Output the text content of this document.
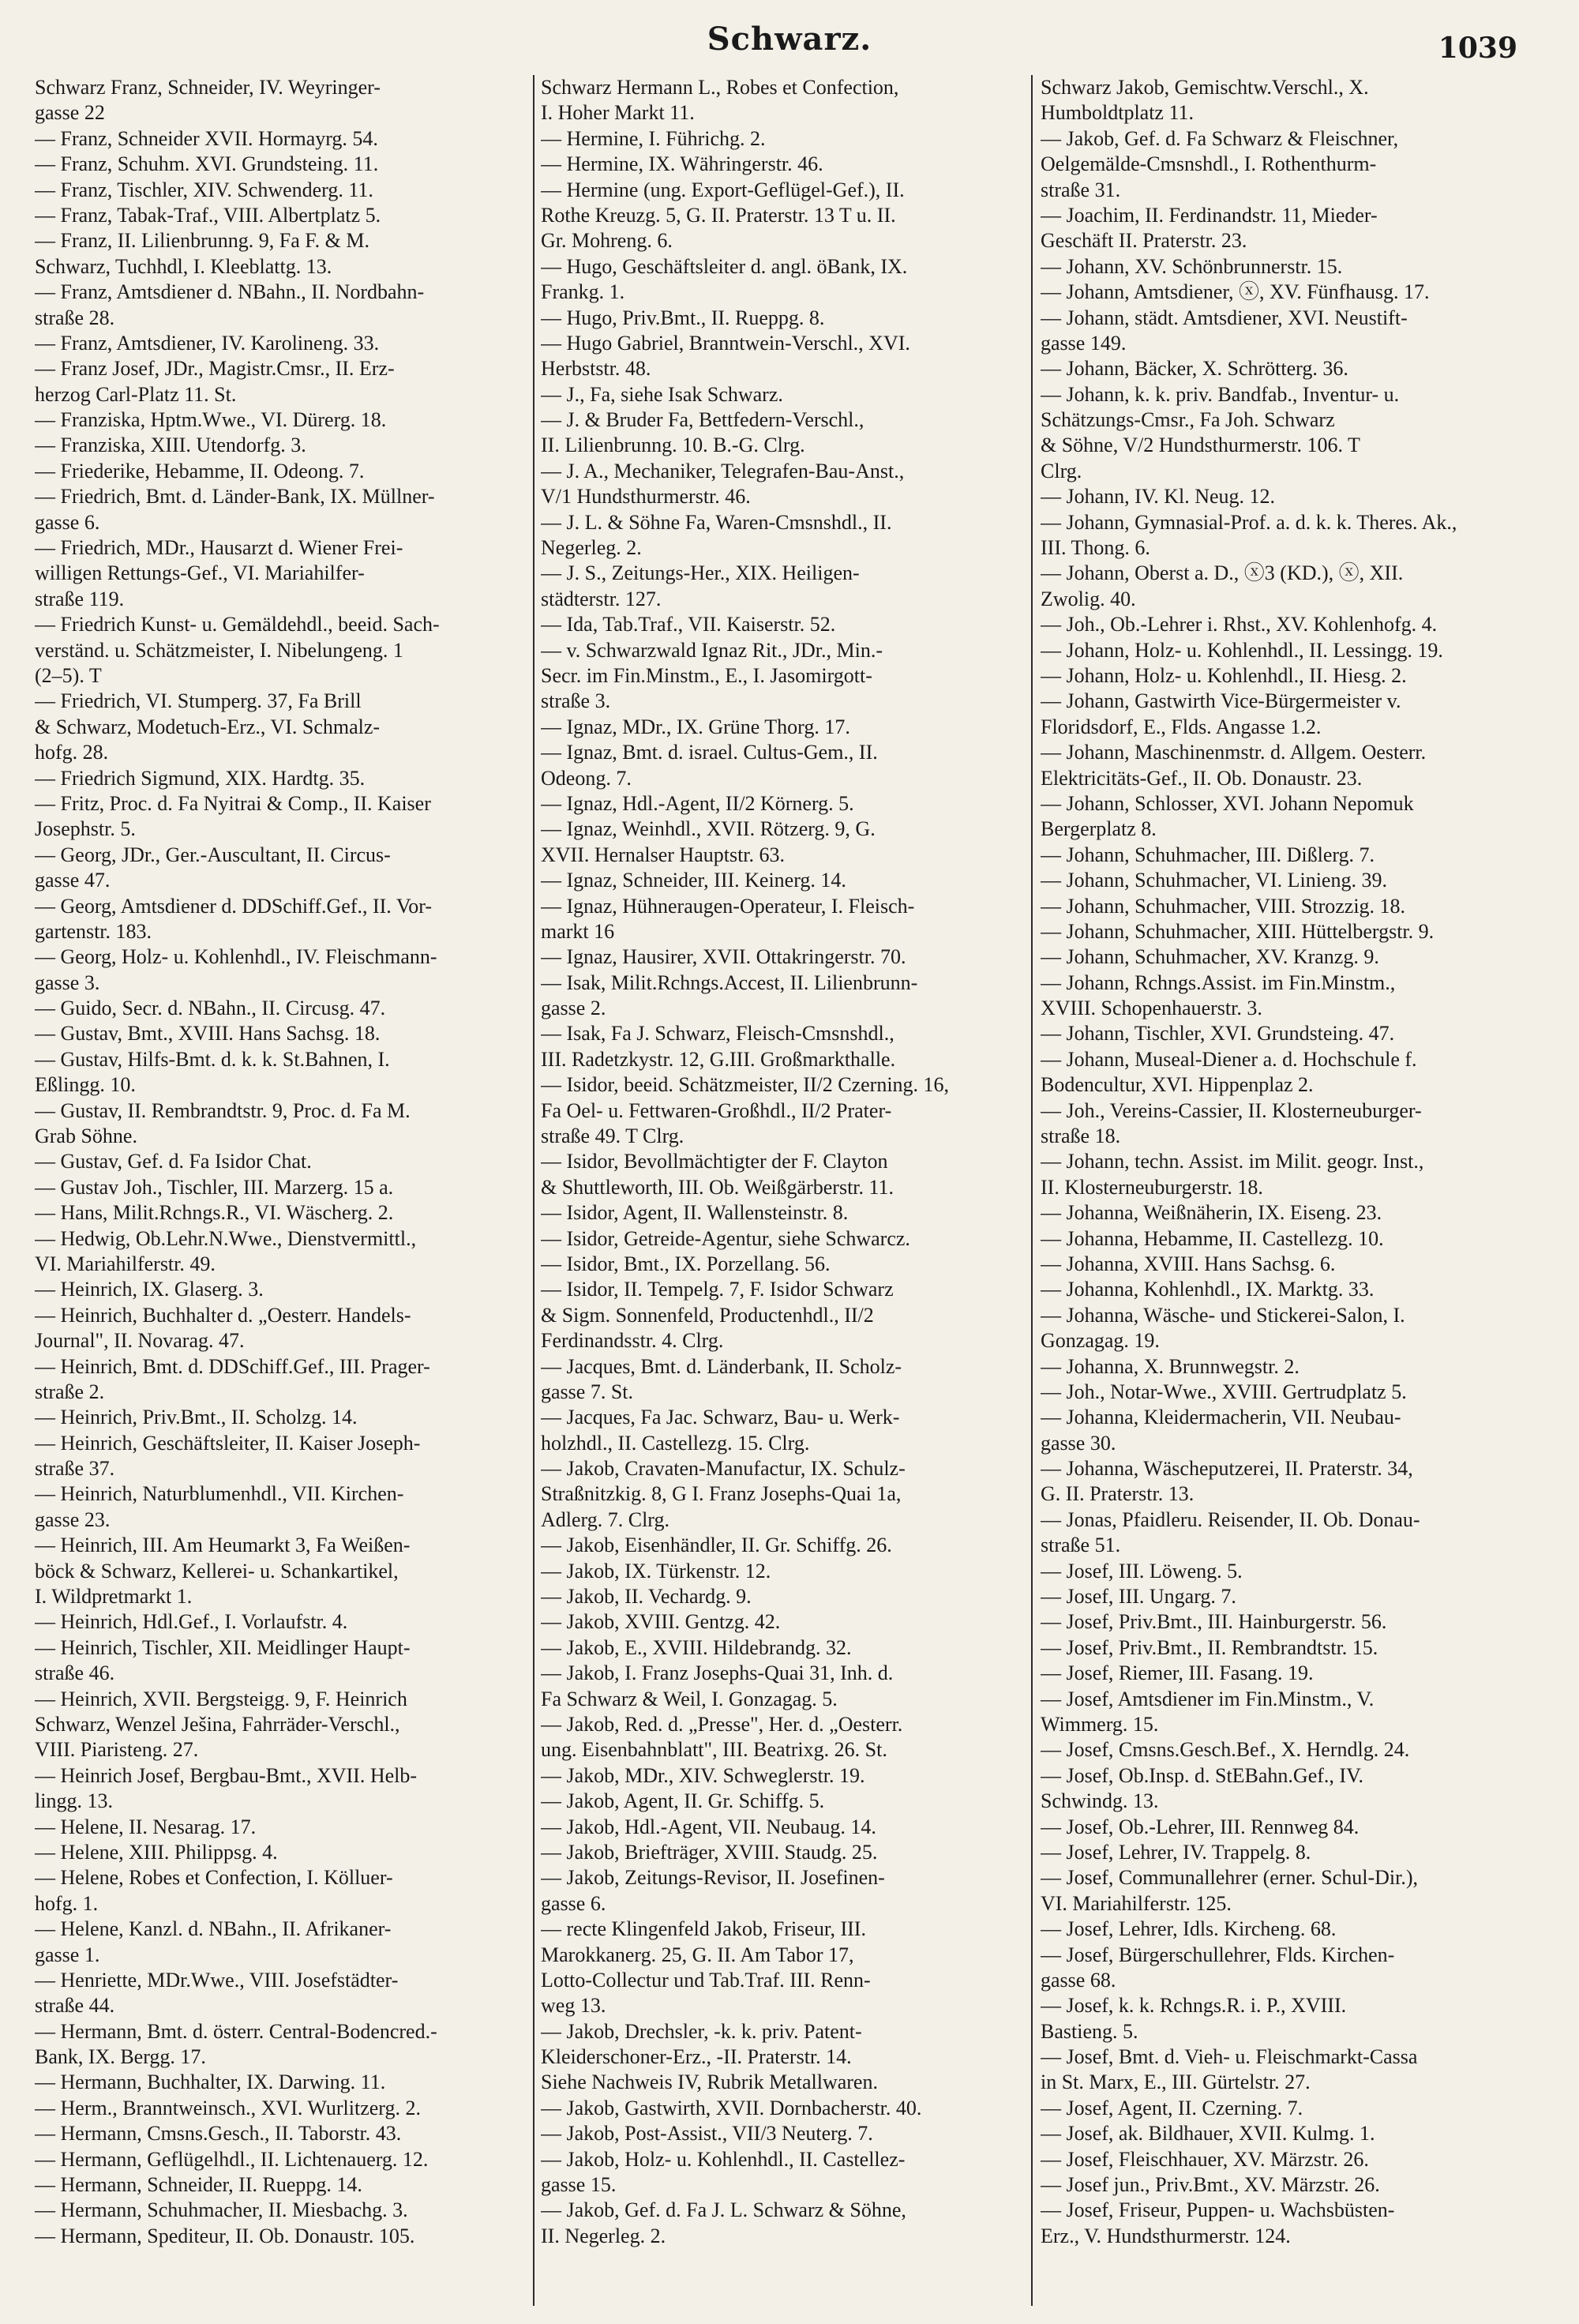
Schwarz.	1039
Schwarz Franz, Schneider, IV. Weyringer-
gasse 22
— Franz, Schneider XVII. Hormayrg. 54.
— Franz, Schuhm. XVI. Grundsteing. 11.
— Franz, Tischler, XIV. Schwenderg. 11.
— Franz, Tabak-Traf., VIII. Albertplatz 5.
— Franz, II. Lilienbrunng. 9, Fa F. & M.
Schwarz, Tuchhdl, I. Kleeblattg. 13.
— Franz, Amtsdiener d. NBahn., II. Nordbahn-
straße 28.
— Franz, Amtsdiener, IV. Karolineng. 33.
— Franz Josef, JDr., Magistr.Cmsr., II. Erz-
herzog Carl-Platz 11. St.
— Franziska, Hptm.Wwe., VI. Dürerg. 18.
— Franziska, XIII. Utendorfg. 3.
— Friederike, Hebamme, II. Odeong. 7.
— Friedrich, Bmt. d. Länder-Bank, IX. Müllner-
gasse 6.
— Friedrich, MDr., Hausarzt d. Wiener Frei-
willigen Rettungs-Gef., VI. Mariahilfer-
straße 119.
— Friedrich Kunst- u. Gemäldehdl., beeid. Sach-
verständ. u. Schätzmeister, I. Nibelungeng. 1
(2–5). T
— Friedrich, VI. Stumperg. 37, Fa Brill
& Schwarz, Modetuch-Erz., VI. Schmalz-
hofg. 28.
— Friedrich Sigmund, XIX. Hardtg. 35.
— Fritz, Proc. d. Fa Nyitrai & Comp., II. Kaiser
Josephstr. 5.
— Georg, JDr., Ger.-Auscultant, II. Circus-
gasse 47.
— Georg, Amtsdiener d. DDSchiff.Gef., II. Vor-
gartenstr. 183.
— Georg, Holz- u. Kohlenhdl., IV. Fleischmann-
gasse 3.
— Guido, Secr. d. NBahn., II. Circusg. 47.
— Gustav, Bmt., XVIII. Hans Sachsg. 18.
— Gustav, Hilfs-Bmt. d. k. k. St.Bahnen, I.
Eßlingg. 10.
— Gustav, II. Rembrandtstr. 9, Proc. d. Fa M.
Grab Söhne.
— Gustav, Gef. d. Fa Isidor Chat.
— Gustav Joh., Tischler, III. Marzerg. 15 a.
— Hans, Milit.Rchngs.R., VI. Wäscherg. 2.
— Hedwig, Ob.Lehr.N.Wwe., Dienstvermittl.,
VI. Mariahilferstr. 49.
— Heinrich, IX. Glaserg. 3.
— Heinrich, Buchhalter d. „Oesterr. Handels-
Journal", II. Novarag. 47.
— Heinrich, Bmt. d. DDSchiff.Gef., III. Prager-
straße 2.
— Heinrich, Priv.Bmt., II. Scholzg. 14.
— Heinrich, Geschäftsleiter, II. Kaiser Joseph-
straße 37.
— Heinrich, Naturblumenhdl., VII. Kirchen-
gasse 23.
— Heinrich, III. Am Heumarkt 3, Fa Weißen-
böck & Schwarz, Kellerei- u. Schankartikel,
I. Wildpretmarkt 1.
— Heinrich, Hdl.Gef., I. Vorlaufstr. 4.
— Heinrich, Tischler, XII. Meidlinger Haupt-
straße 46.
— Heinrich, XVII. Bergsteigg. 9, F. Heinrich
Schwarz, Wenzel Ješina, Fahrräder-Verschl.,
VIII. Piaristeng. 27.
— Heinrich Josef, Bergbau-Bmt., XVII. Helb-
lingg. 13.
— Helene, II. Nesarag. 17.
— Helene, XIII. Philippsg. 4.
— Helene, Robes et Confection, I. Kölluer-
hofg. 1.
— Helene, Kanzl. d. NBahn., II. Afrikaner-
gasse 1.
— Henriette, MDr.Wwe., VIII. Josefstädter-
straße 44.
— Hermann, Bmt. d. österr. Central-Bodencred.-
Bank, IX. Bergg. 17.
— Hermann, Buchhalter, IX. Darwing. 11.
— Herm., Branntweinsch., XVI. Wurlitzerg. 2.
— Hermann, Cmsns.Gesch., II. Taborstr. 43.
— Hermann, Geflügelhdl., II. Lichtenauerg. 12.
— Hermann, Schneider, II. Rueppg. 14.
— Hermann, Schuhmacher, II. Miesbachg. 3.
— Hermann, Spediteur, II. Ob. Donaustr. 105.
Schwarz Hermann L., Robes et Confection,
I. Hoher Markt 11.
— Hermine, I. Führichg. 2.
— Hermine, IX. Währingerstr. 46.
— Hermine (ung. Export-Geflügel-Gef.), II.
Rothe Kreuzg. 5, G. II. Praterstr. 13 T u. II.
Gr. Mohreng. 6.
— Hugo, Geschäftsleiter d. angl. öBank, IX.
Frankg. 1.
— Hugo, Priv.Bmt., II. Rueppg. 8.
— Hugo Gabriel, Branntwein-Verschl., XVI.
Herbststr. 48.
— J., Fa, siehe Isak Schwarz.
— J. & Bruder Fa, Bettfedern-Verschl.,
II. Lilienbrunng. 10. B.-G. Clrg.
— J. A., Mechaniker, Telegrafen-Bau-Anst.,
V/1 Hundsthurmerstr. 46.
— J. L. & Söhne Fa, Waren-Cmsnshdl., II.
Negerleg. 2.
— J. S., Zeitungs-Her., XIX. Heiligen-
städterstr. 127.
— Ida, Tab.Traf., VII. Kaiserstr. 52.
— v. Schwarzwald Ignaz Rit., JDr., Min.-
Secr. im Fin.Minstm., E., I. Jasomirgott-
straße 3.
— Ignaz, MDr., IX. Grüne Thorg. 17.
— Ignaz, Bmt. d. israel. Cultus-Gem., II.
Odeong. 7.
— Ignaz, Hdl.-Agent, II/2 Körnerg. 5.
— Ignaz, Weinhdl., XVII. Rötzerg. 9, G.
XVII. Hernalser Hauptstr. 63.
— Ignaz, Schneider, III. Keinerg. 14.
— Ignaz, Hühneraugen-Operateur, I. Fleisch-
markt 16
— Ignaz, Hausirer, XVII. Ottakringerstr. 70.
— Isak, Milit.Rchngs.Accest, II. Lilienbrunn-
gasse 2.
— Isak, Fa J. Schwarz, Fleisch-Cmsnshdl.,
III. Radetzkystr. 12, G.III. Großmarkthalle.
— Isidor, beeid. Schätzmeister, II/2 Czerning. 16,
Fa Oel- u. Fettwaren-Großhdl., II/2 Prater-
straße 49. T Clrg.
— Isidor, Bevollmächtigter der F. Clayton
& Shuttleworth, III. Ob. Weißgärberstr. 11.
— Isidor, Agent, II. Wallensteinstr. 8.
— Isidor, Getreide-Agentur, siehe Schwarcz.
— Isidor, Bmt., IX. Porzellang. 56.
— Isidor, II. Tempelg. 7, F. Isidor Schwarz
& Sigm. Sonnenfeld, Productenhdl., II/2
Ferdinandsstr. 4. Clrg.
— Jacques, Bmt. d. Länderbank, II. Scholz-
gasse 7. St.
— Jacques, Fa Jac. Schwarz, Bau- u. Werk-
holzhdl., II. Castellezg. 15. Clrg.
— Jakob, Cravaten-Manufactur, IX. Schulz-
Straßnitzkig. 8, G I. Franz Josephs-Quai 1a,
Adlerg. 7. Clrg.
— Jakob, Eisenhändler, II. Gr. Schiffg. 26.
— Jakob, IX. Türkenstr. 12.
— Jakob, II. Vechardg. 9.
— Jakob, XVIII. Gentzg. 42.
— Jakob, E., XVIII. Hildebrandg. 32.
— Jakob, I. Franz Josephs-Quai 31, Inh. d.
Fa Schwarz & Weil, I. Gonzagag. 5.
— Jakob, Red. d. „Presse", Her. d. „Oesterr.
ung. Eisenbahnblatt", III. Beatrixg. 26. St.
— Jakob, MDr., XIV. Schweglerstr. 19.
— Jakob, Agent, II. Gr. Schiffg. 5.
— Jakob, Hdl.-Agent, VII. Neubaug. 14.
— Jakob, Briefträger, XVIII. Staudg. 25.
— Jakob, Zeitungs-Revisor, II. Josefinen-
gasse 6.
— recte Klingenfeld Jakob, Friseur, III.
Marokkanerg. 25, G. II. Am Tabor 17,
Lotto-Collectur und Tab.Traf. III. Renn-
weg 13.
— Jakob, Drechsler, -k. k. priv. Patent-
Kleiderschoner-Erz., -II. Praterstr. 14.
Siehe Nachweis IV, Rubrik Metallwaren.
— Jakob, Gastwirth, XVII. Dornbacherstr. 40.
— Jakob, Post-Assist., VII/3 Neuterg. 7.
— Jakob, Holz- u. Kohlenhdl., II. Castellez-
gasse 15.
— Jakob, Gef. d. Fa J. L. Schwarz & Söhne,
II. Negerleg. 2.
Schwarz Jakob, Gemischtw.Verschl., X.
Humboldtplatz 11.
— Jakob, Gef. d. Fa Schwarz & Fleischner,
Oelgemälde-Cmsnshdl., I. Rothenthurm-
straße 31.
— Joachim, II. Ferdinandstr. 11, Mieder-
Geschäft II. Praterstr. 23.
— Johann, XV. Schönbrunnerstr. 15.
— Johann, Amtsdiener, ⓧ, XV. Fünfhausg. 17.
— Johann, städt. Amtsdiener, XVI. Neustift-
gasse 149.
— Johann, Bäcker, X. Schrötterg. 36.
— Johann, k. k. priv. Bandfab., Inventur- u.
Schätzungs-Cmsr., Fa Joh. Schwarz
& Söhne, V/2 Hundsthurmerstr. 106. T
Clrg.
— Johann, IV. Kl. Neug. 12.
— Johann, Gymnasial-Prof. a. d. k. k. Theres. Ak.,
III. Thong. 6.
— Johann, Oberst a. D., ⓧ3 (KD.), ⓧ, XII.
Zwolig. 40.
— Joh., Ob.-Lehrer i. Rhst., XV. Kohlenhofg. 4.
— Johann, Holz- u. Kohlenhdl., II. Lessingg. 19.
— Johann, Holz- u. Kohlenhdl., II. Hiesg. 2.
— Johann, Gastwirth Vice-Bürgermeister v.
Floridsdorf, E., Flds. Angasse 1.2.
— Johann, Maschinenmstr. d. Allgem. Oesterr.
Elektricitäts-Gef., II. Ob. Donaustr. 23.
— Johann, Schlosser, XVI. Johann Nepomuk
Bergerplatz 8.
— Johann, Schuhmacher, III. Dißlerg. 7.
— Johann, Schuhmacher, VI. Linieng. 39.
— Johann, Schuhmacher, VIII. Strozzig. 18.
— Johann, Schuhmacher, XIII. Hüttelbergstr. 9.
— Johann, Schuhmacher, XV. Kranzg. 9.
— Johann, Rchngs.Assist. im Fin.Minstm.,
XVIII. Schopenhauerstr. 3.
— Johann, Tischler, XVI. Grundsteing. 47.
— Johann, Museal-Diener a. d. Hochschule f.
Bodencultur, XVI. Hippenplaz 2.
— Joh., Vereins-Cassier, II. Klosterneuburger-
straße 18.
— Johann, techn. Assist. im Milit. geogr. Inst.,
II. Klosterneuburgerstr. 18.
— Johanna, Weißnäherin, IX. Eiseng. 23.
— Johanna, Hebamme, II. Castellezg. 10.
— Johanna, XVIII. Hans Sachsg. 6.
— Johanna, Kohlenhdl., IX. Marktg. 33.
— Johanna, Wäsche- und Stickerei-Salon, I.
Gonzagag. 19.
— Johanna, X. Brunnwegstr. 2.
— Joh., Notar-Wwe., XVIII. Gertrudplatz 5.
— Johanna, Kleidermacherin, VII. Neubau-
gasse 30.
— Johanna, Wäscheputzerei, II. Praterstr. 34,
G. II. Praterstr. 13.
— Jonas, Pfaidleru. Reisender, II. Ob. Donau-
straße 51.
— Josef, III. Löweng. 5.
— Josef, III. Ungarg. 7.
— Josef, Priv.Bmt., III. Hainburgerstr. 56.
— Josef, Priv.Bmt., II. Rembrandtstr. 15.
— Josef, Riemer, III. Fasang. 19.
— Josef, Amtsdiener im Fin.Minstm., V.
Wimmerg. 15.
— Josef, Cmsns.Gesch.Bef., X. Herndlg. 24.
— Josef, Ob.Insp. d. StEBahn.Gef., IV.
Schwindg. 13.
— Josef, Ob.-Lehrer, III. Rennweg 84.
— Josef, Lehrer, IV. Trappelg. 8.
— Josef, Communallehrer (erner. Schul-Dir.),
VI. Mariahilferstr. 125.
— Josef, Lehrer, Idls. Kircheng. 68.
— Josef, Bürgerschullehrer, Flds. Kirchen-
gasse 68.
— Josef, k. k. Rchngs.R. i. P., XVIII.
Bastieng. 5.
— Josef, Bmt. d. Vieh- u. Fleischmarkt-Cassa
in St. Marx, E., III. Gürtelstr. 27.
— Josef, Agent, II. Czerning. 7.
— Josef, ak. Bildhauer, XVII. Kulmg. 1.
— Josef, Fleischhauer, XV. Märzstr. 26.
— Josef jun., Priv.Bmt., XV. Märzstr. 26.
— Josef, Friseur, Puppen- u. Wachsbüsten-
Erz., V. Hundsthurmerstr. 124.
